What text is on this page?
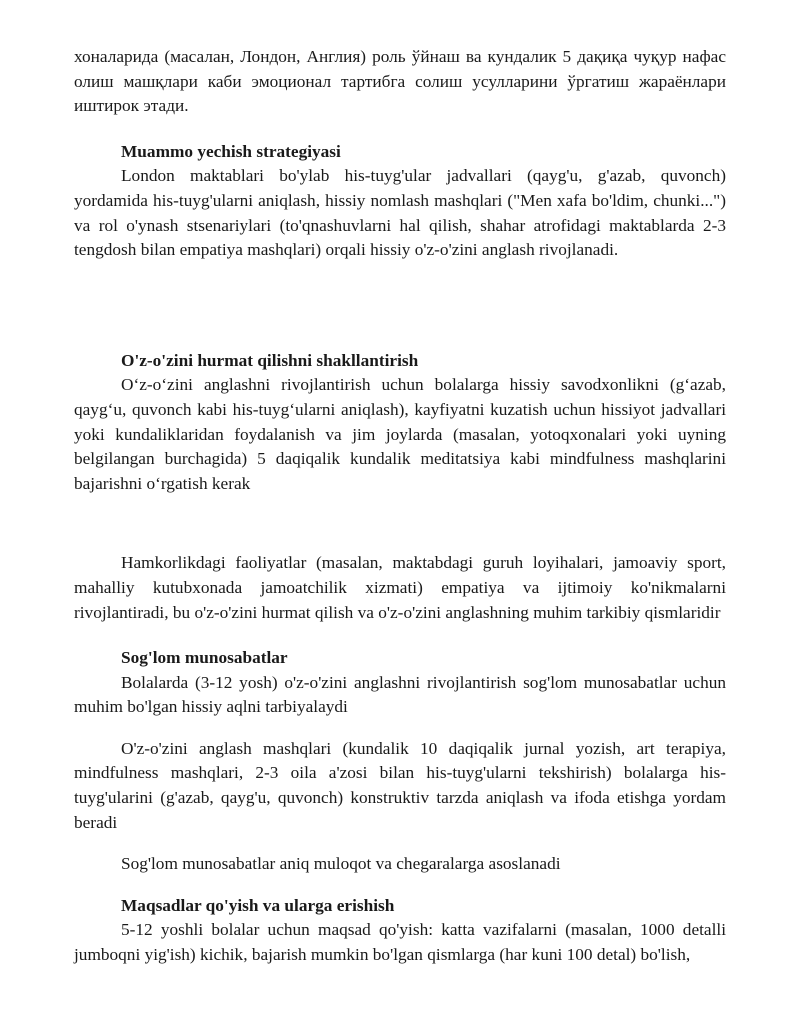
хоналарида (масалан, Лондон, Англия) роль ўйнаш ва кундалик 5 дақиқа чуқур нафас олиш машқлари каби эмоционал тартибга солиш усулларини ўргатиш жараёнлари иштирок этади.

Muammo yechish strategiyasi

London maktablari bo'ylab his-tuyg'ular jadvallari (qayg'u, g'azab, quvonch) yordamida his-tuyg'ularni aniqlash, hissiy nomlash mashqlari ("Men xafa bo'ldim, chunki...") va rol o'ynash stsenariylari (to'qnashuvlarni hal qilish, shahar atrofidagi maktablarda 2-3 tengdosh bilan empatiya mashqlari) orqali hissiy o'z-o'zini anglash rivojlanadi.

O'z-o'zini hurmat qilishni shakllantirish

O‘z-o‘zini anglashni rivojlantirish uchun bolalarga hissiy savodxonlikni (g‘azab, qayg‘u, quvonch kabi his-tuyg‘ularni aniqlash), kayfiyatni kuzatish uchun hissiyot jadvallari yoki kundaliklaridan foydalanish va jim joylarda (masalan, yotoqxonalari yoki uyning belgilangan burchagida) 5 daqiqalik kundalik meditatsiya kabi mindfulness mashqlarini bajarishni o‘rgatish kerak

Hamkorlikdagi faoliyatlar (masalan, maktabdagi guruh loyihalari, jamoaviy sport, mahalliy kutubxonada jamoatchilik xizmati) empatiya va ijtimoiy ko'nikmalarni rivojlantiradi, bu o'z-o'zini hurmat qilish va o'z-o'zini anglashning muhim tarkibiy qismlaridir

Sog'lom munosabatlar

Bolalarda (3-12 yosh) o'z-o'zini anglashni rivojlantirish sog'lom munosabatlar uchun muhim bo'lgan hissiy aqlni tarbiyalaydi

O'z-o'zini anglash mashqlari (kundalik 10 daqiqalik jurnal yozish, art terapiya, mindfulness mashqlari, 2-3 oila a'zosi bilan his-tuyg'ularni tekshirish) bolalarga his-tuyg'ularini (g'azab, qayg'u, quvonch) konstruktiv tarzda aniqlash va ifoda etishga yordam beradi

Sog'lom munosabatlar aniq muloqot va chegaralarga asoslanadi

Maqsadlar qo'yish va ularga erishish

5-12 yoshli bolalar uchun maqsad qo'yish: katta vazifalarni (masalan, 1000 detalli jumboqni yig'ish) kichik, bajarish mumkin bo'lgan qismlarga (har kuni 100 detal) bo'lish,
